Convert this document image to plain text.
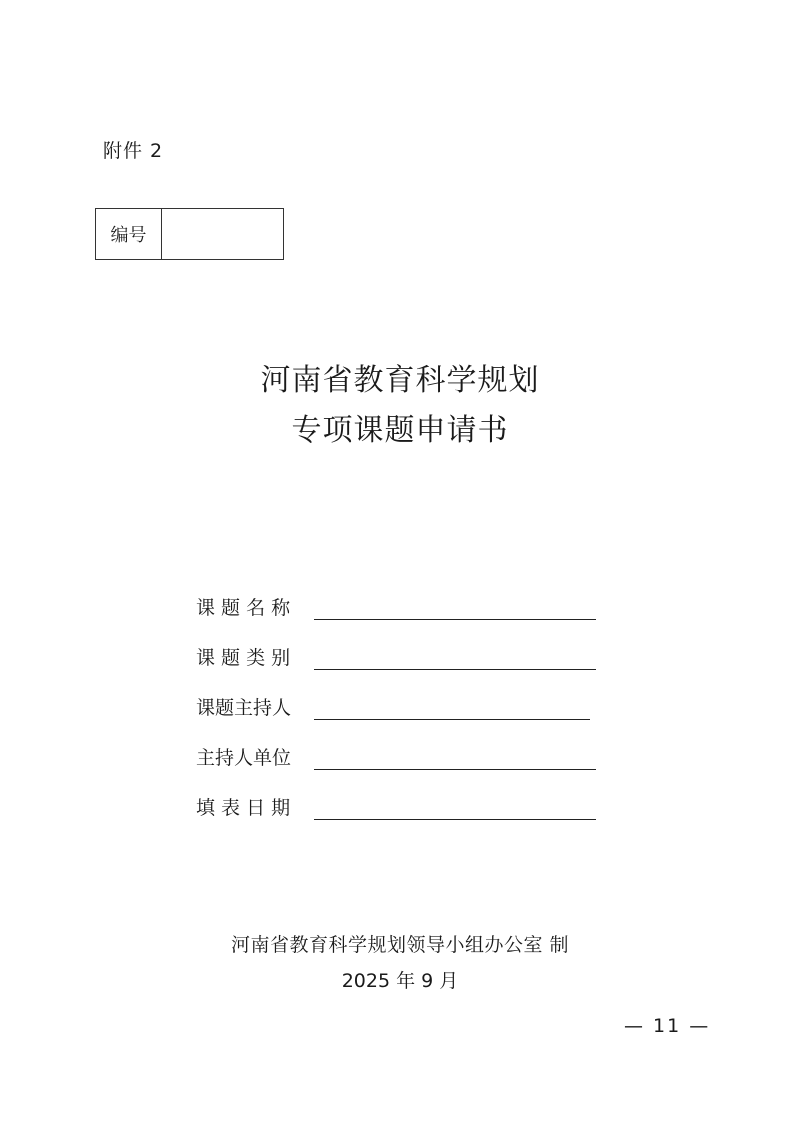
附件 2
编号
河南省教育科学规划
专项课题申请书
课 题 名 称
课 题 类 别
课题主持人
主持人单位
填 表 日 期
河南省教育科学规划领导小组办公室 制
2025 年 9 月
— 11 —
